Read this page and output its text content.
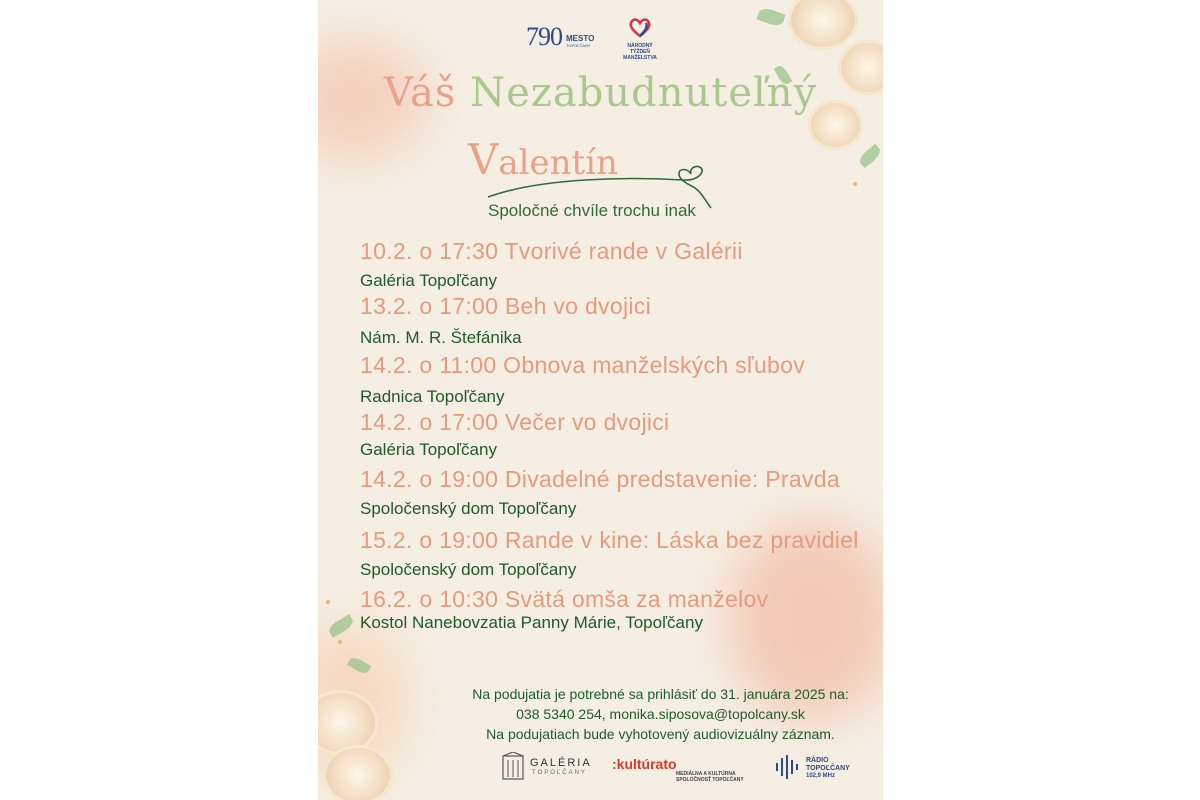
790 MESTO
TOPOĽČANY	NÁRODNÝ TÝŽDEŇ MANŽELSTVA
Váš Nezabudnuteľný
Valentín
Spoločné chvíle trochu inak
10.2. o 17:30 Tvorivé rande v Galérii
Galéria Topoľčany
13.2. o 17:00 Beh vo dvojici
Nám. M. R. Štefánika
14.2. o 11:00 Obnova manželských sľubov
Radnica Topoľčany
14.2. o 17:00 Večer vo dvojici
Galéria Topoľčany
14.2. o 19:00 Divadelné predstavenie: Pravda
Spoločenský dom Topoľčany
15.2. o 19:00 Rande v kine: Láska bez pravidiel
Spoločenský dom Topoľčany
16.2. o 10:30 Svätá omša za manželov
Kostol Nanebovzatia Panny Márie, Topoľčany
Na podujatia je potrebné sa prihlásiť do 31. januára 2025 na:
038 5340 254, monika.siposova@topolcany.sk
Na podujatiach bude vyhotovený audiovizuálny záznam.
GALÉRIA
TOPOĽČANY
:kultúrato
MEDIÁLNA A KULTÚRNA SPOLOČNOSŤ TOPOĽČANY
RÁDIO TOPOĽČANY
102,9 MHz
